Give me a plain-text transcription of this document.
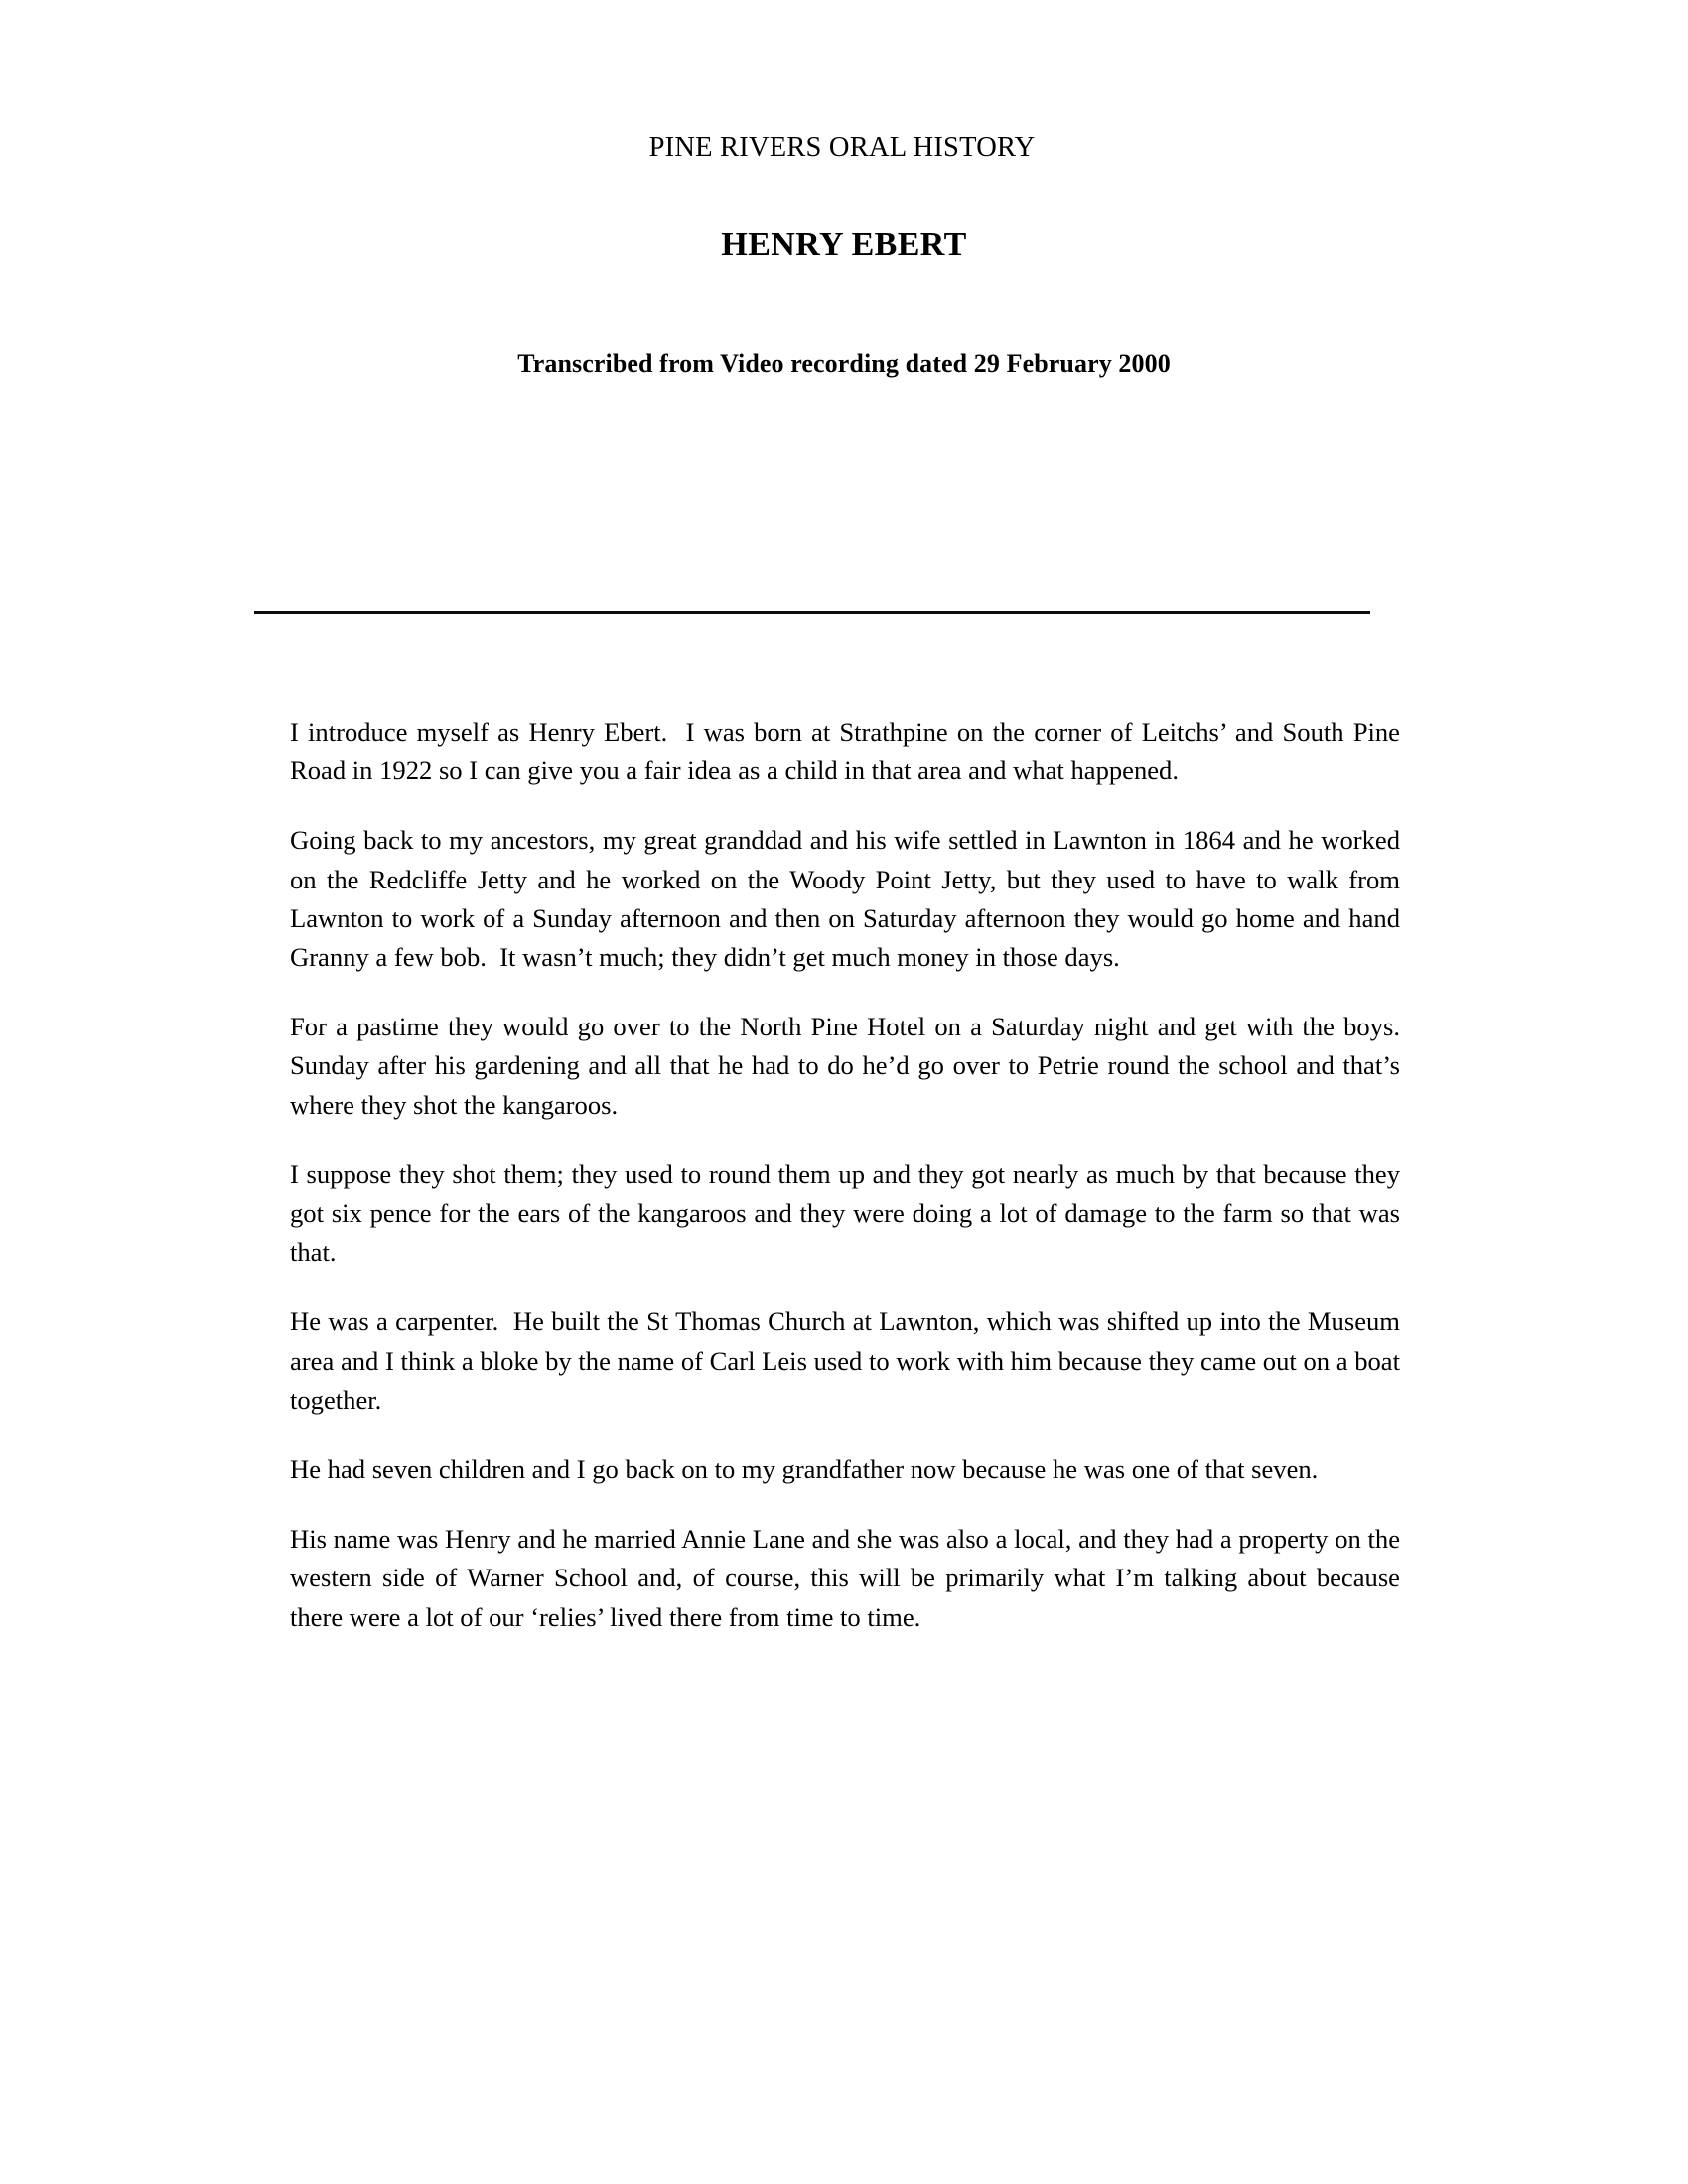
PINE RIVERS ORAL HISTORY
HENRY EBERT
Transcribed from Video recording dated 29 February 2000

I introduce myself as Henry Ebert.  I was born at Strathpine on the corner of Leitchs’ and South Pine Road in 1922 so I can give you a fair idea as a child in that area and what happened.

Going back to my ancestors, my great granddad and his wife settled in Lawnton in 1864 and he worked on the Redcliffe Jetty and he worked on the Woody Point Jetty, but they used to have to walk from Lawnton to work of a Sunday afternoon and then on Saturday afternoon they would go home and hand Granny a few bob.  It wasn’t much; they didn’t get much money in those days.

For a pastime they would go over to the North Pine Hotel on a Saturday night and get with the boys.  Sunday after his gardening and all that he had to do he’d go over to Petrie round the school and that’s where they shot the kangaroos.

I suppose they shot them; they used to round them up and they got nearly as much by that because they got six pence for the ears of the kangaroos and they were doing a lot of damage to the farm so that was that.

He was a carpenter.  He built the St Thomas Church at Lawnton, which was shifted up into the Museum area and I think a bloke by the name of Carl Leis used to work with him because they came out on a boat together.

He had seven children and I go back on to my grandfather now because he was one of that seven.

His name was Henry and he married Annie Lane and she was also a local, and they had a property on the western side of Warner School and, of course, this will be primarily what I’m talking about because there were a lot of our ‘relies’ lived there from time to time.
